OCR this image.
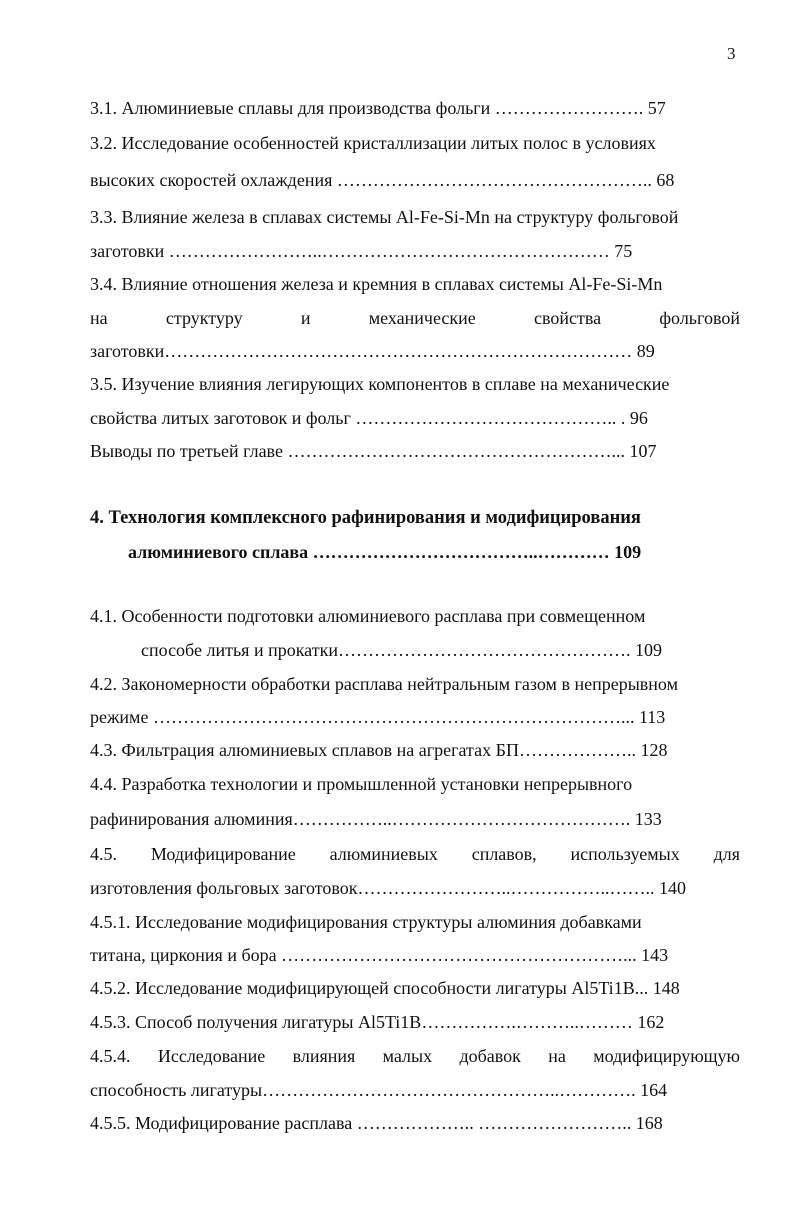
3
3.1. Алюминиевые сплавы для производства фольги ……………………. 57
3.2. Исследование особенностей кристаллизации литых полос в условиях
высоких скоростей охлаждения …………………………………………….. 68
3.3. Влияние железа в сплавах системы Al-Fe-Si-Mn на структуру фольговой
заготовки ……………………..………………………………………… 75
3.4. Влияние отношения железа и кремния в сплавах системы Al-Fe-Si-Mn
на	структуру	и	механические	свойства	фольговой
заготовки…………………………………………………………………… 89
3.5. Изучение влияния легирующих компонентов в сплаве на механические
свойства литых заготовок и фольг …………………………………….. . 96
Выводы по третьей главе ………………………………………………... 107
4. Технология комплексного рафинирования и модифицирования
алюминиевого сплава ………………………………..………… 109
4.1. Особенности подготовки алюминиевого расплава при совмещенном
способе литья и прокатки…………………………………………. 109
4.2. Закономерности обработки расплава нейтральным газом в непрерывном
режиме ……………………………………………………………………... 113
4.3. Фильтрация алюминиевых сплавов на агрегатах БП……………….. 128
4.4. Разработка технологии и промышленной установки непрерывного
рафинирования алюминия……………..…………………………………. 133
4.5. Модифицирование алюминиевых сплавов, используемых для
изготовления фольговых заготовок……………………..……………..…….. 140
4.5.1. Исследование модифицирования структуры алюминия добавками
титана, циркония и бора …………………………………………………... 143
4.5.2. Исследование модифицирующей способности лигатуры Al5Ti1B... 148
4.5.3. Способ получения лигатуры Al5Ti1B…………….………..……… 162
4.5.4. Исследование влияния малых добавок на модифицирующую
способность лигатуры…………………………………………..…………. 164
4.5.5. Модифицирование расплава ……………….. …………………….. 168
